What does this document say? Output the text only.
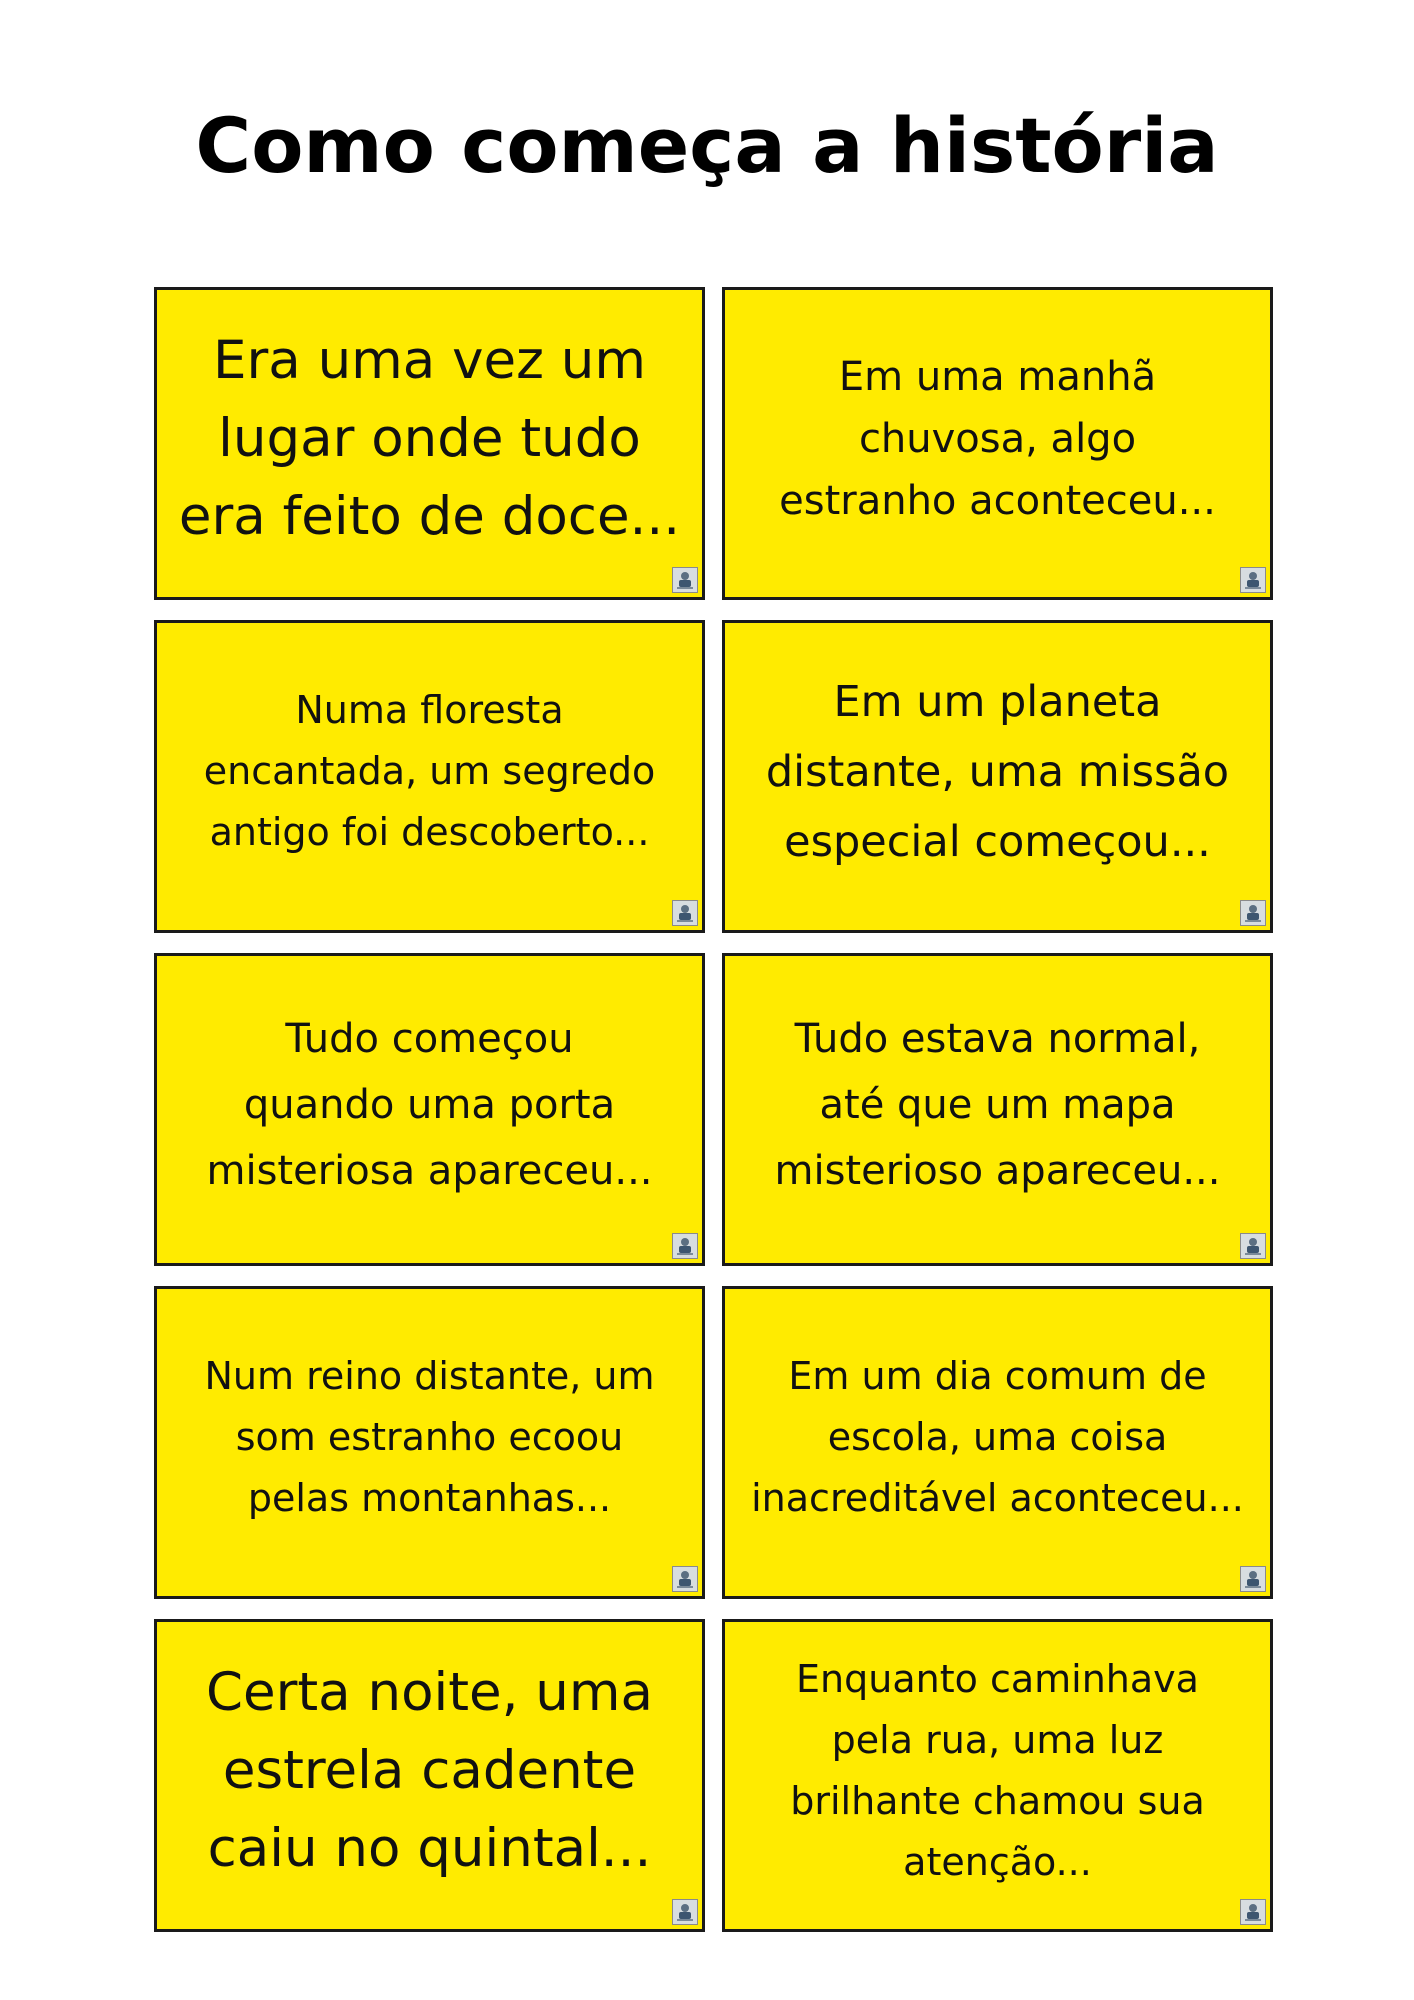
Como começa a história
Era uma vez um
lugar onde tudo
era feito de doce...
Em uma manhã
chuvosa, algo
estranho aconteceu...
Numa floresta
encantada, um segredo
antigo foi descoberto...
Em um planeta
distante, uma missão
especial começou...
Tudo começou
quando uma porta
misteriosa apareceu...
Tudo estava normal,
até que um mapa
misterioso apareceu...
Num reino distante, um
som estranho ecoou
pelas montanhas...
Em um dia comum de
escola, uma coisa
inacreditável aconteceu...
Certa noite, uma
estrela cadente
caiu no quintal...
Enquanto caminhava
pela rua, uma luz
brilhante chamou sua
atenção...
